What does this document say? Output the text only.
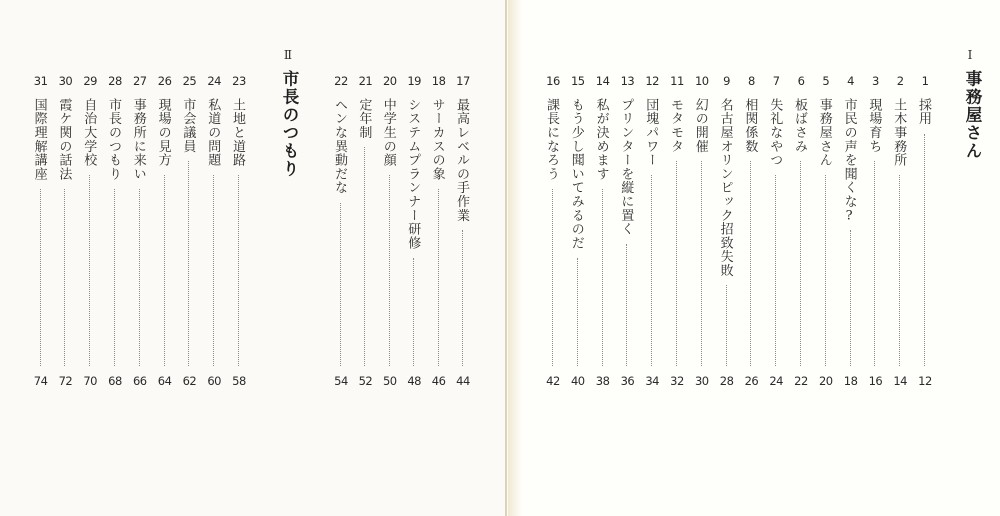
Ⅰ
事務屋さん
Ⅱ
市長のつもり	1
採用
12
2
土木事務所
14
3
現場育ち
16
4
市民の声を聞くな?
18
5
事務屋さん
20
6
板ばさみ
22
7
失礼なやつ
24
8
相関係数
26
9
名古屋オリンピック招致失敗
28
10
幻の開催
30
11
モタモタ
32
12
団塊パワー
34
13
プリンターを縦に置く
36
14
私が決めます
38
15
もう少し聞いてみるのだ
40
16
課長になろう
42
17
最高レベルの手作業
44
18
サーカスの象
46
19
システムプランナー研修
48
20
中学生の顔
50
21
定年制
52
22
ヘンな異動だな
54
23
土地と道路
58
24
私道の問題
60
25
市会議員
62
26
現場の見方
64
27
事務所に来い
66
28
市長のつもり
68
29
自治大学校
70
30
霞ケ関の話法
72
31
国際理解講座
74
